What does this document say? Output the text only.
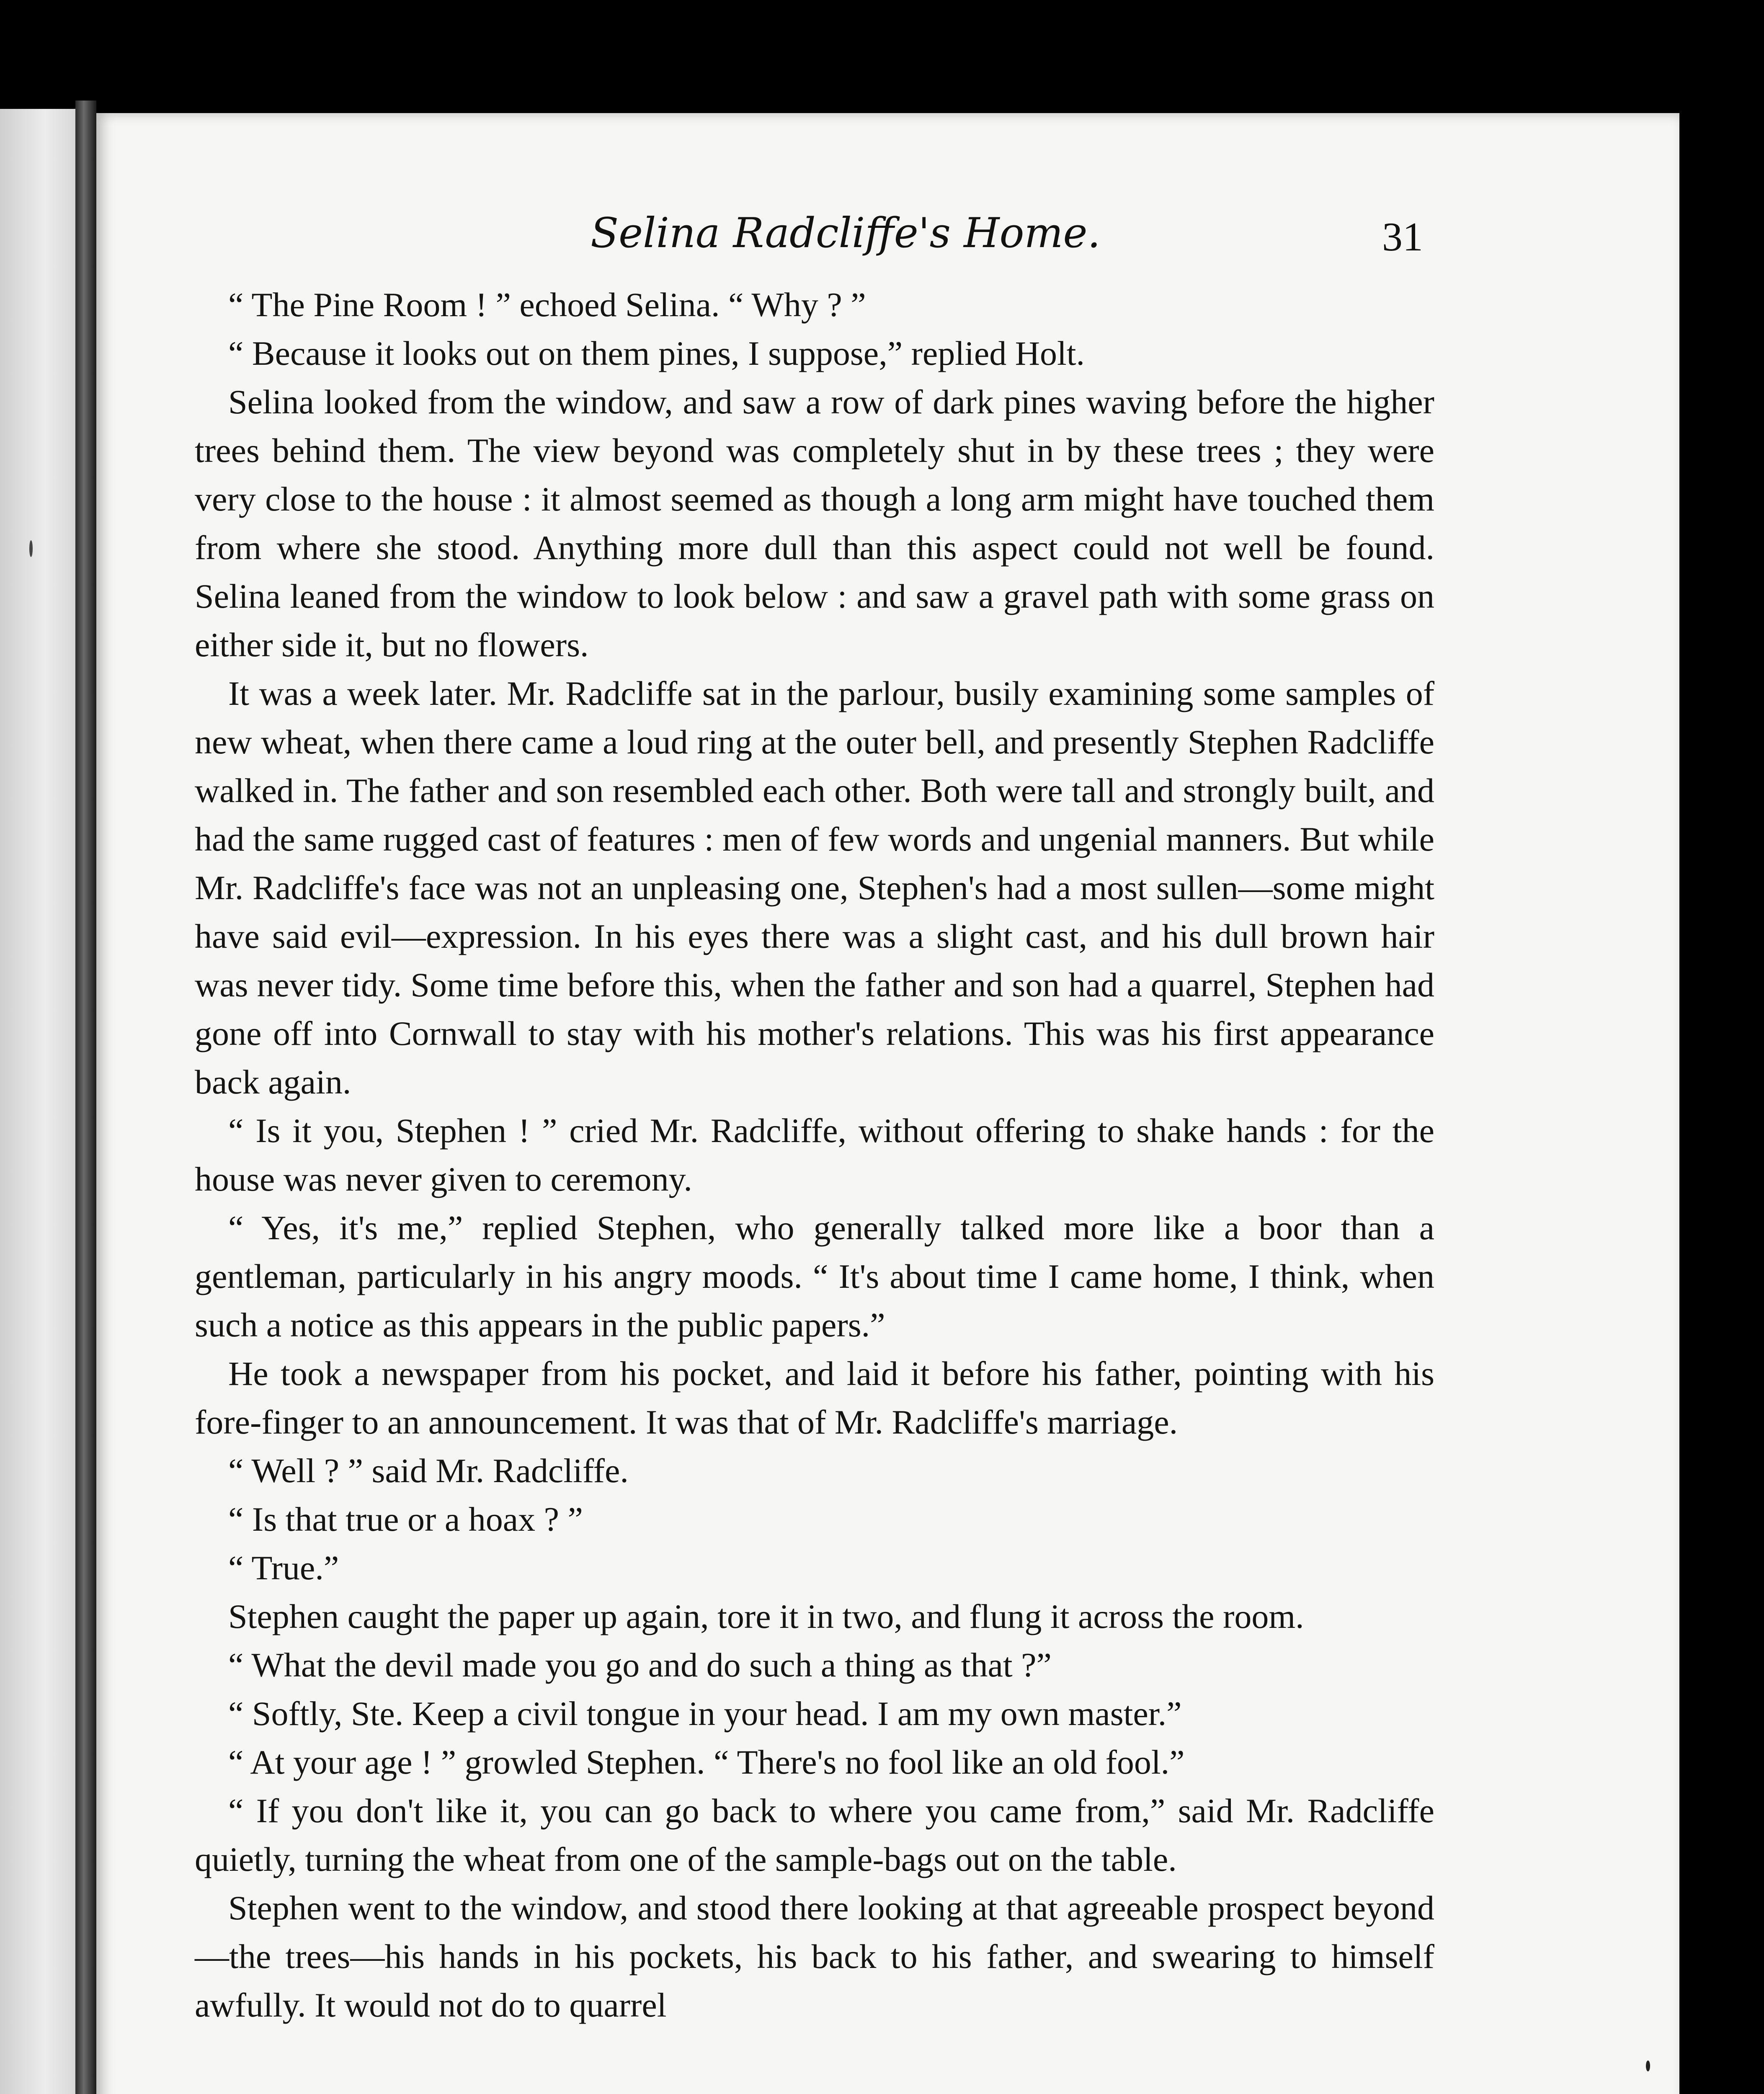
Selina Radcliffe's Home.	31

“ The Pine Room ! ” echoed Selina. “ Why ? ”

“ Because it looks out on them pines, I suppose,” replied Holt.

Selina looked from the window, and saw a row of dark pines waving before the higher trees behind them. The view beyond was completely shut in by these trees ; they were very close to the house : it almost seemed as though a long arm might have touched them from where she stood. Anything more dull than this aspect could not well be found. Selina leaned from the window to look below : and saw a gravel path with some grass on either side it, but no flowers.

It was a week later. Mr. Radcliffe sat in the parlour, busily examining some samples of new wheat, when there came a loud ring at the outer bell, and presently Stephen Radcliffe walked in. The father and son resembled each other. Both were tall and strongly built, and had the same rugged cast of features : men of few words and ungenial manners. But while Mr. Radcliffe's face was not an unpleasing one, Stephen's had a most sullen—some might have said evil—expression. In his eyes there was a slight cast, and his dull brown hair was never tidy. Some time before this, when the father and son had a quarrel, Stephen had gone off into Cornwall to stay with his mother's relations. This was his first appearance back again.

“ Is it you, Stephen ! ” cried Mr. Radcliffe, without offering to shake hands : for the house was never given to ceremony.

“ Yes, it's me,” replied Stephen, who generally talked more like a boor than a gentleman, particularly in his angry moods. “ It's about time I came home, I think, when such a notice as this appears in the public papers.”

He took a newspaper from his pocket, and laid it before his father, pointing with his fore-finger to an announcement. It was that of Mr. Radcliffe's marriage.

“ Well ? ” said Mr. Radcliffe.

“ Is that true or a hoax ? ”

“ True.”

Stephen caught the paper up again, tore it in two, and flung it across the room.

“ What the devil made you go and do such a thing as that ?”

“ Softly, Ste. Keep a civil tongue in your head. I am my own master.”

“ At your age ! ” growled Stephen. “ There's no fool like an old fool.”

“ If you don't like it, you can go back to where you came from,” said Mr. Radcliffe quietly, turning the wheat from one of the sample-bags out on the table.

Stephen went to the window, and stood there looking at that agreeable prospect beyond—the trees—his hands in his pockets, his back to his father, and swearing to himself awfully. It would not do to quarrel
